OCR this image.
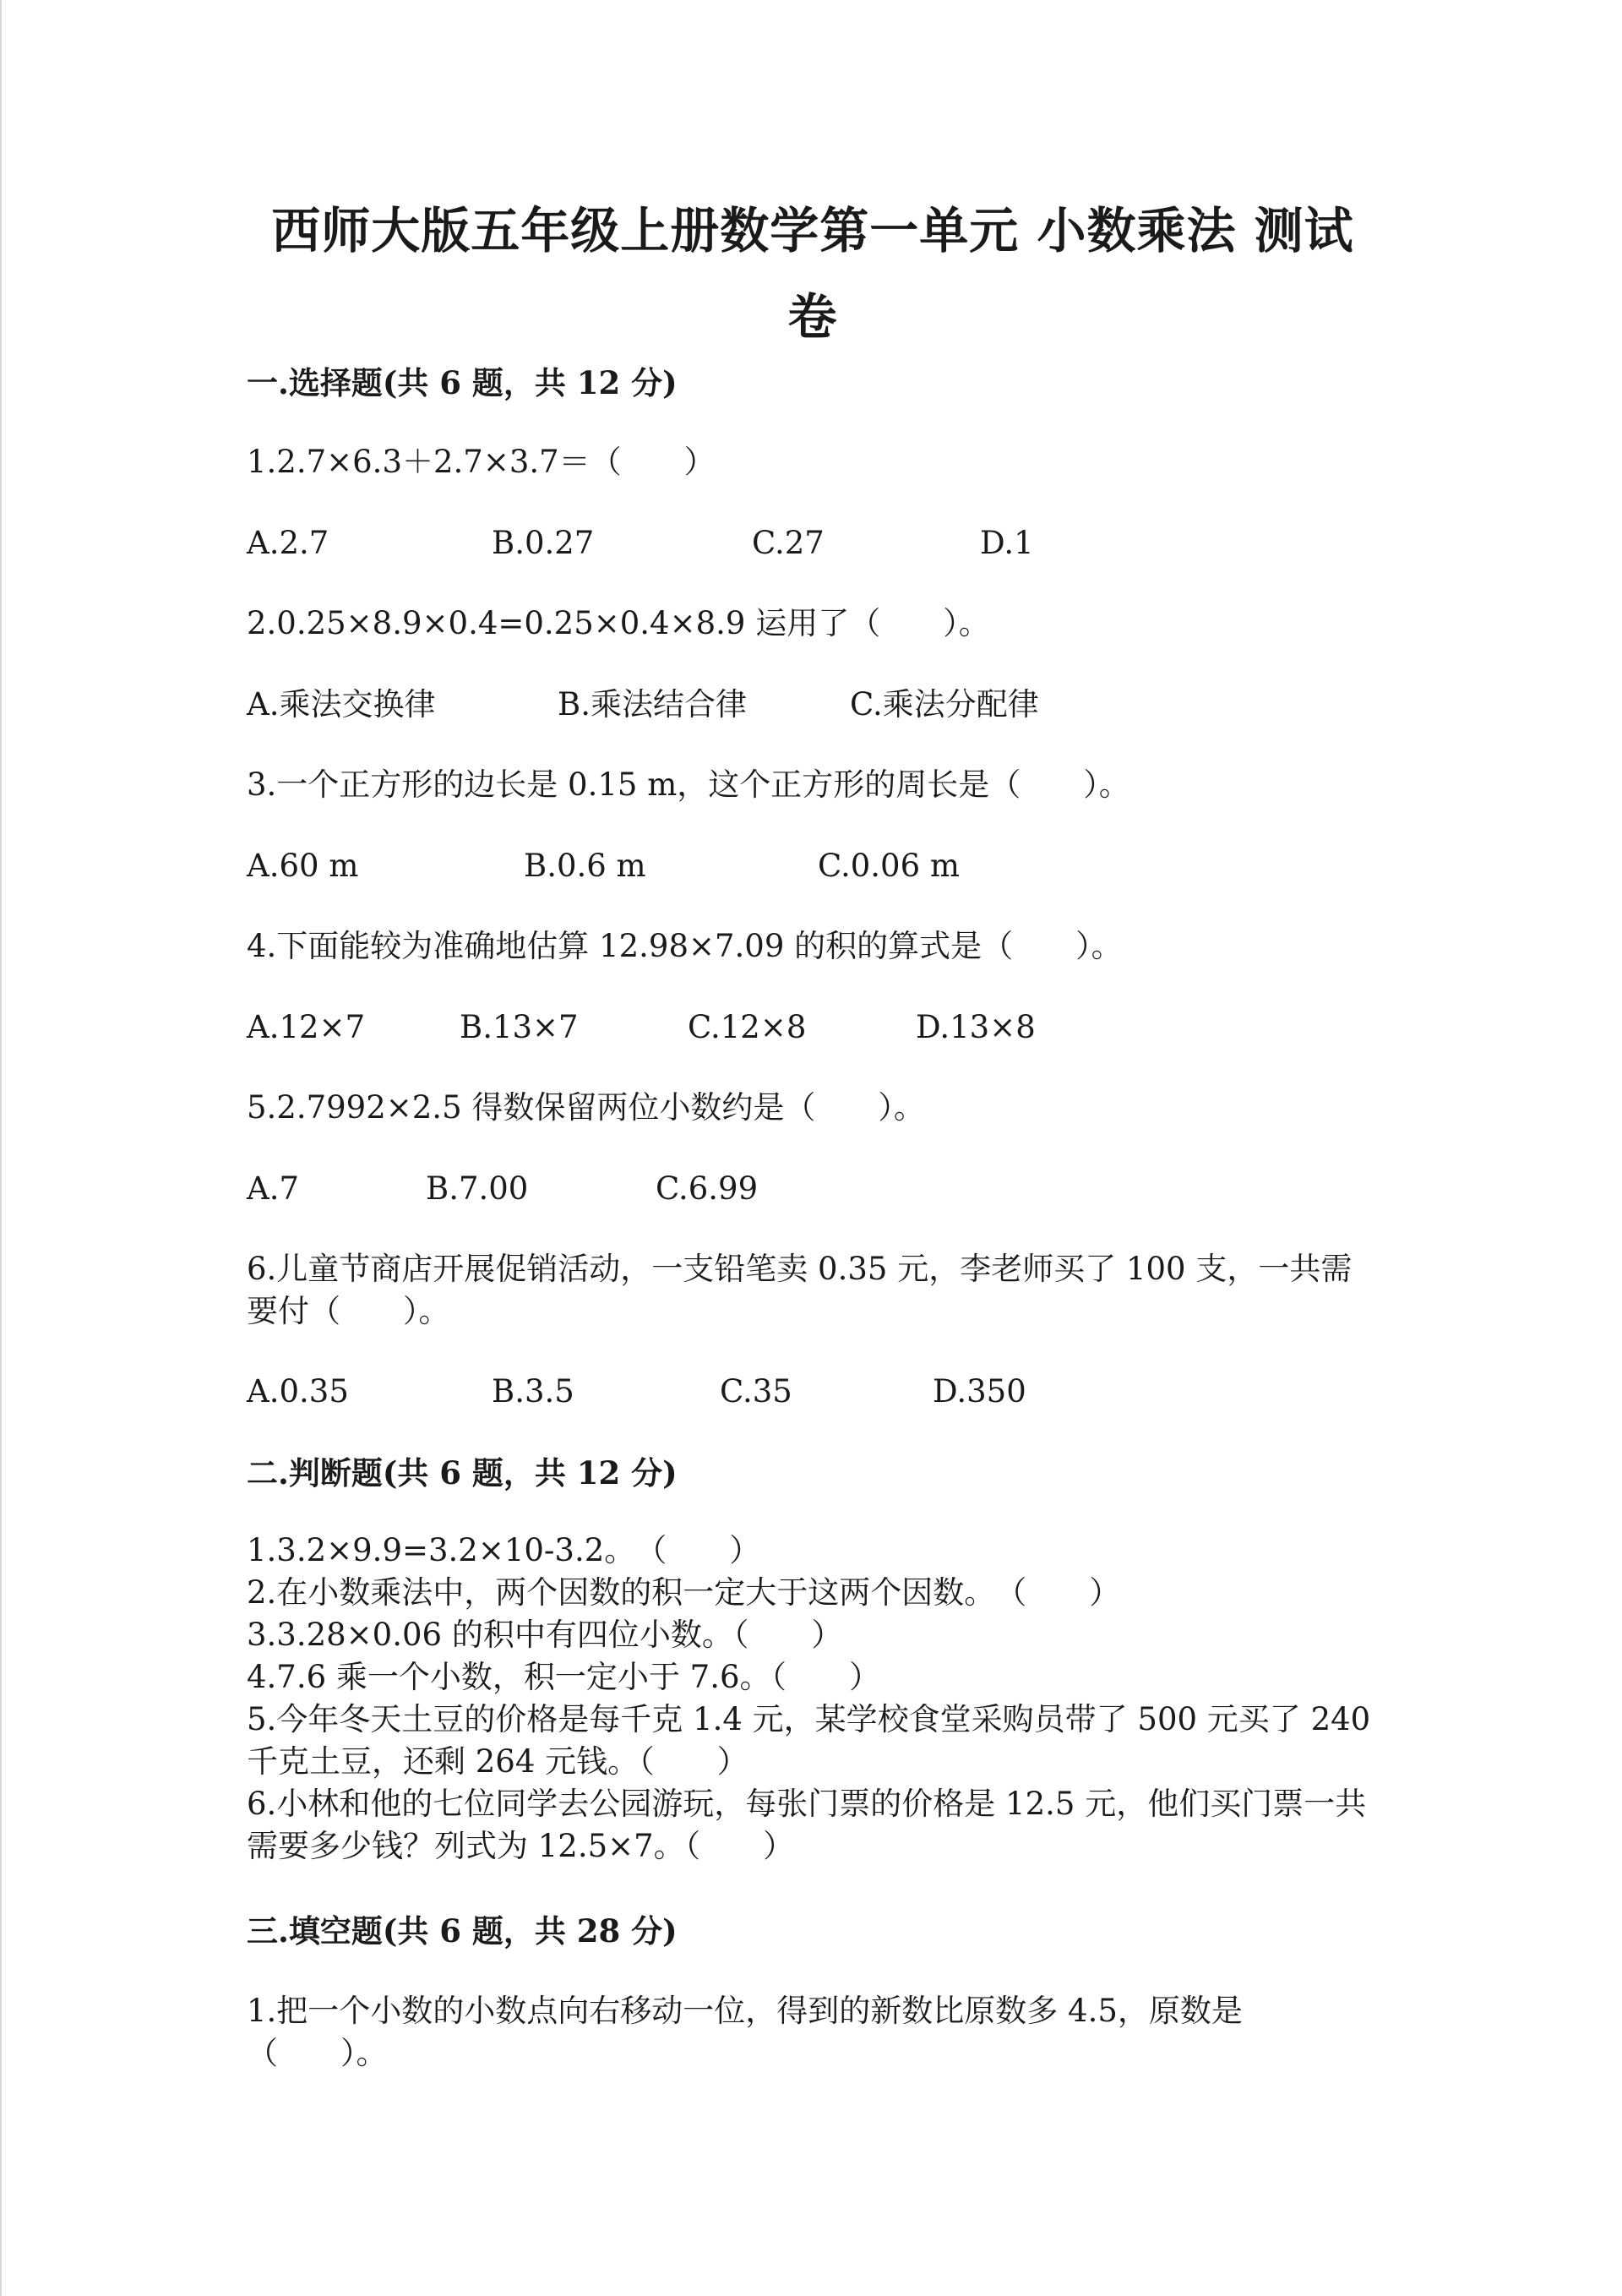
西师大版五年级上册数学第一单元 小数乘法 测试卷
一.选择题(共 6 题，共 12 分)
1.2.7×6.3＋2.7×3.7＝（　　）
A.2.7	B.0.27	C.27	D.1
2.0.25×8.9×0.4=0.25×0.4×8.9 运用了（　　）。
A.乘法交换律	B.乘法结合律	C.乘法分配律
3.一个正方形的边长是 0.15 m，这个正方形的周长是（　　）。
A.60 m	B.0.6 m	C.0.06 m
4.下面能较为准确地估算 12.98×7.09 的积的算式是（　　）。
A.12×7	B.13×7	C.12×8	D.13×8
5.2.7992×2.5 得数保留两位小数约是（　　）。
A.7	B.7.00	C.6.99
6.儿童节商店开展促销活动，一支铅笔卖 0.35 元，李老师买了 100 支，一共需要付（　　）。
A.0.35	B.3.5	C.35	D.350
二.判断题(共 6 题，共 12 分)
1.3.2×9.9=3.2×10-3.2。　（　　）
2.在小数乘法中，两个因数的积一定大于这两个因数。　（　　）
3.3.28×0.06 的积中有四位小数。（　　）
4.7.6 乘一个小数，积一定小于 7.6。（　　）
5.今年冬天土豆的价格是每千克 1.4 元，某学校食堂采购员带了 500 元买了 240 千克土豆，还剩 264 元钱。（　　）
6.小林和他的七位同学去公园游玩，每张门票的价格是 12.5 元，他们买门票一共需要多少钱？列式为 12.5×7。（　　）
三.填空题(共 6 题，共 28 分)
1.把一个小数的小数点向右移动一位，得到的新数比原数多 4.5，原数是（　　）。
